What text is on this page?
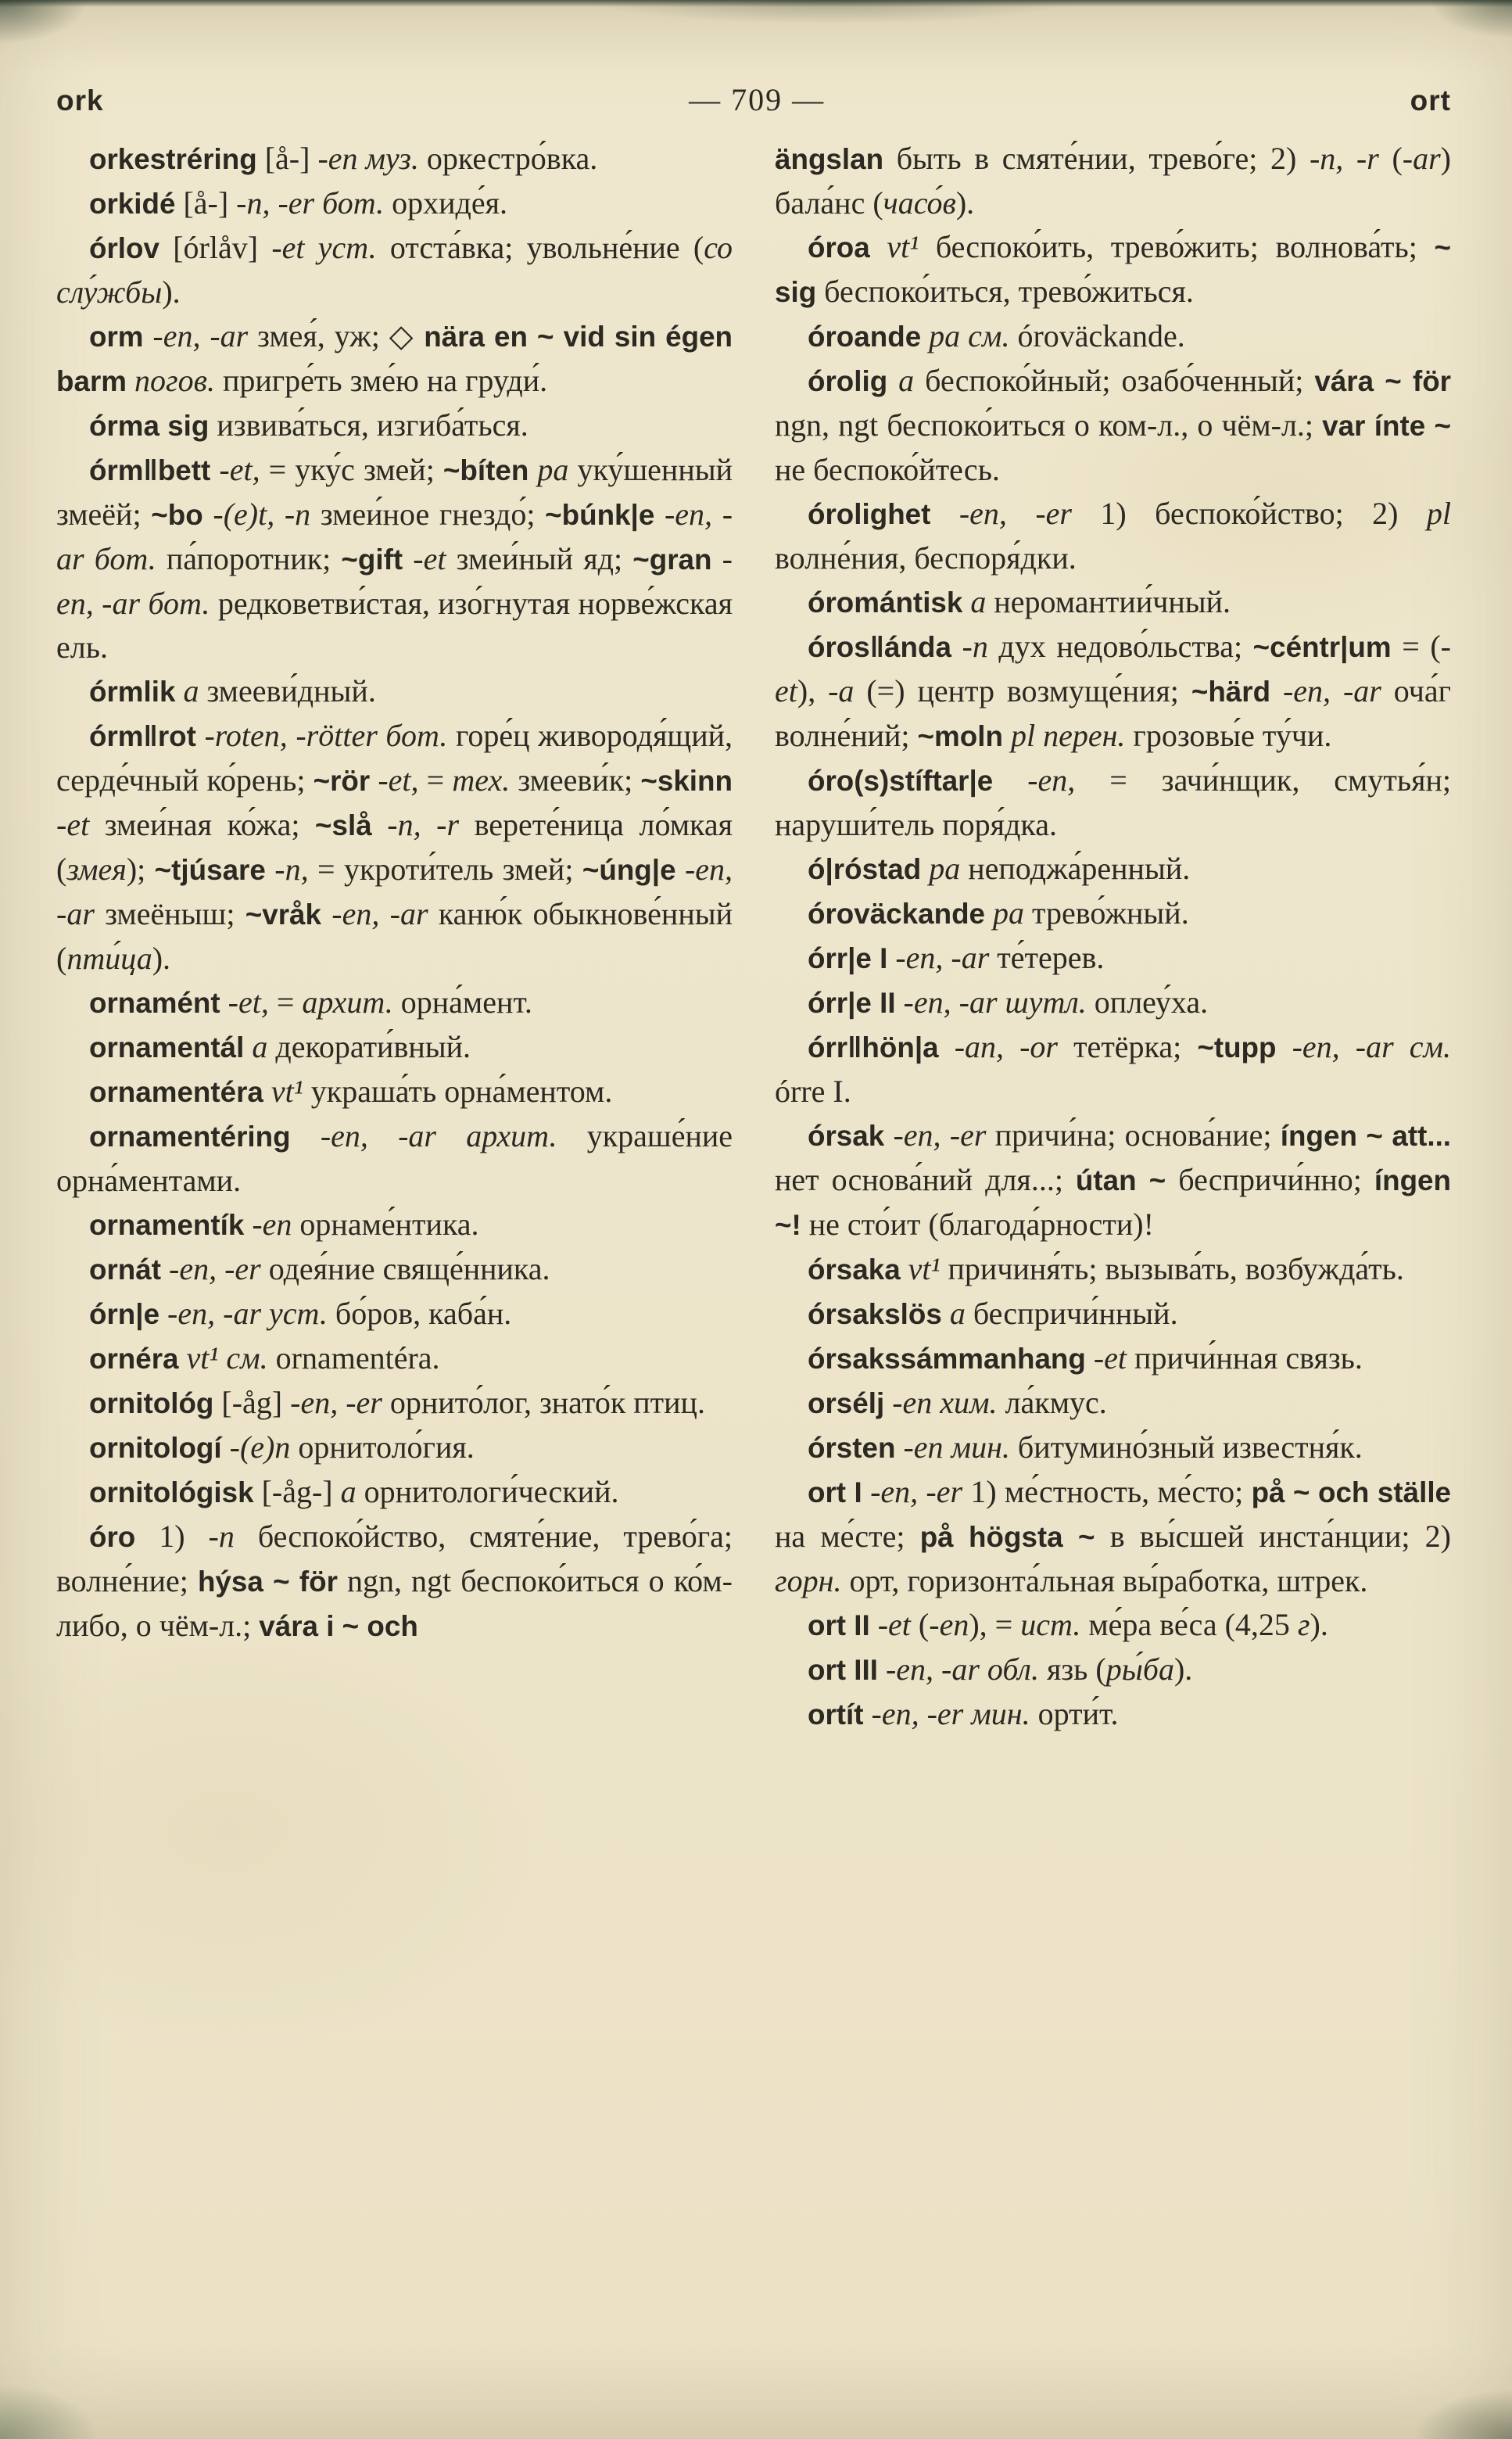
ork	— 709 —	ort

orkestréring [å-] -en муз. оркестро́вка.

orkidé [å-] -n, -er бот. орхиде́я.

órlov [órlåv] -et уст. отста́вка; увольне́ние (со слу́жбы).

orm -en, -ar змея́, уж; ◇ nära en ~ vid sin égen barm погов. пригре́ть зме́ю на груди́.

órma sig извива́ться, изгиба́ться.

órm‖bett -et, = уку́с змей; ~bíten pa уку́шенный змеёй; ~bo -(e)t, -n змеи́ное гнездо́; ~búnk|e -en, -ar бот. па́поротник; ~gift -et змеи́ный яд; ~gran -en, -ar бот. редковетви́стая, изо́гнутая норве́жская ель.

órmlik a змееви́дный.

órm‖rot -roten, -rötter бот. горе́ц живородя́щий, серде́чный ко́рень; ~rör -et, = тех. змееви́к; ~skinn -et змеи́ная ко́жа; ~slå -n, -r верете́ница ло́мкая (змея); ~tjúsare -n, = укроти́тель змей; ~úng|e -en, -ar змеёныш; ~vråk -en, -ar каню́к обыкнове́нный (пти́ца).

ornamént -et, = архит. орна́мент.

ornamentál a декорати́вный.

ornamentéra vt¹ украша́ть орна́ментом.

ornamentéring -en, -ar архит. украше́ние орна́ментами.

ornamentík -en орнаме́нтика.

ornát -en, -er одея́ние свяще́нника.

órn|e -en, -ar уст. бо́ров, каба́н.

ornéra vt¹ см. ornamentéra.

ornitológ [-åg] -en, -er орнито́лог, знато́к птиц.

ornitologí -(e)n орнитоло́гия.

ornitológisk [-åg-] a орнитологи́ческий.

óro 1) -n беспоко́йство, смяте́ние, трево́га; волне́ние; hýsa ~ för ngn, ngt беспоко́иться о ко́м-либо, о чём-л.; vára i ~ och

ängslan быть в смяте́нии, трево́ге; 2) -n, -r (-ar) бала́нс (часо́в).

óroa vt¹ беспоко́ить, трево́жить; волнова́ть; ~ sig беспоко́иться, трево́житься.

óroande pa см. óroväckande.

órolig a беспоко́йный; озабо́ченный; vára ~ för ngn, ngt беспоко́иться о ком-л., о чём-л.; var ínte ~ не беспоко́йтесь.

órolighet -en, -er 1) беспоко́йство; 2) pl волне́ния, беспоря́дки.

óromántisk a неромантии́чный.

óros‖ánda -n дух недово́льства; ~céntr|um = (-et), -a (=) центр возмуще́ния; ~härd -en, -ar оча́г волне́ний; ~moln pl перен. грозовы́е ту́чи.

óro(s)stíftar|e -en, = зачи́нщик, смутья́н; наруши́тель поря́дка.

ó|róstad pa неподжа́ренный.

óroväckande pa трево́жный.

órr|e I -en, -ar те́терев.

órr|e II -en, -ar шутл. оплеу́ха.

órr‖hön|a -an, -or тетёрка; ~tupp -en, -ar см. órre I.

órsak -en, -er причи́на; основа́ние; íngen ~ att... нет основа́ний для...; útan ~ беспричи́нно; íngen ~! не сто́ит (благода́рности)!

órsaka vt¹ причиня́ть; вызыва́ть, возбужда́ть.

órsakslös a беспричи́нный.

órsakssámmanhang -et причи́нная связь.

orsélj -en хим. ла́кмус.

órsten -en мин. битумино́зный известня́к.

ort I -en, -er 1) ме́стность, ме́сто; på ~ och ställe на ме́сте; på högsta ~ в вы́сшей инста́нции; 2) горн. орт, горизонта́льная вы́работка, штрек.

ort II -et (-en), = ист. ме́ра ве́са (4,25 г).

ort III -en, -ar обл. язь (ры́ба).

ortít -en, -er мин. орти́т.
